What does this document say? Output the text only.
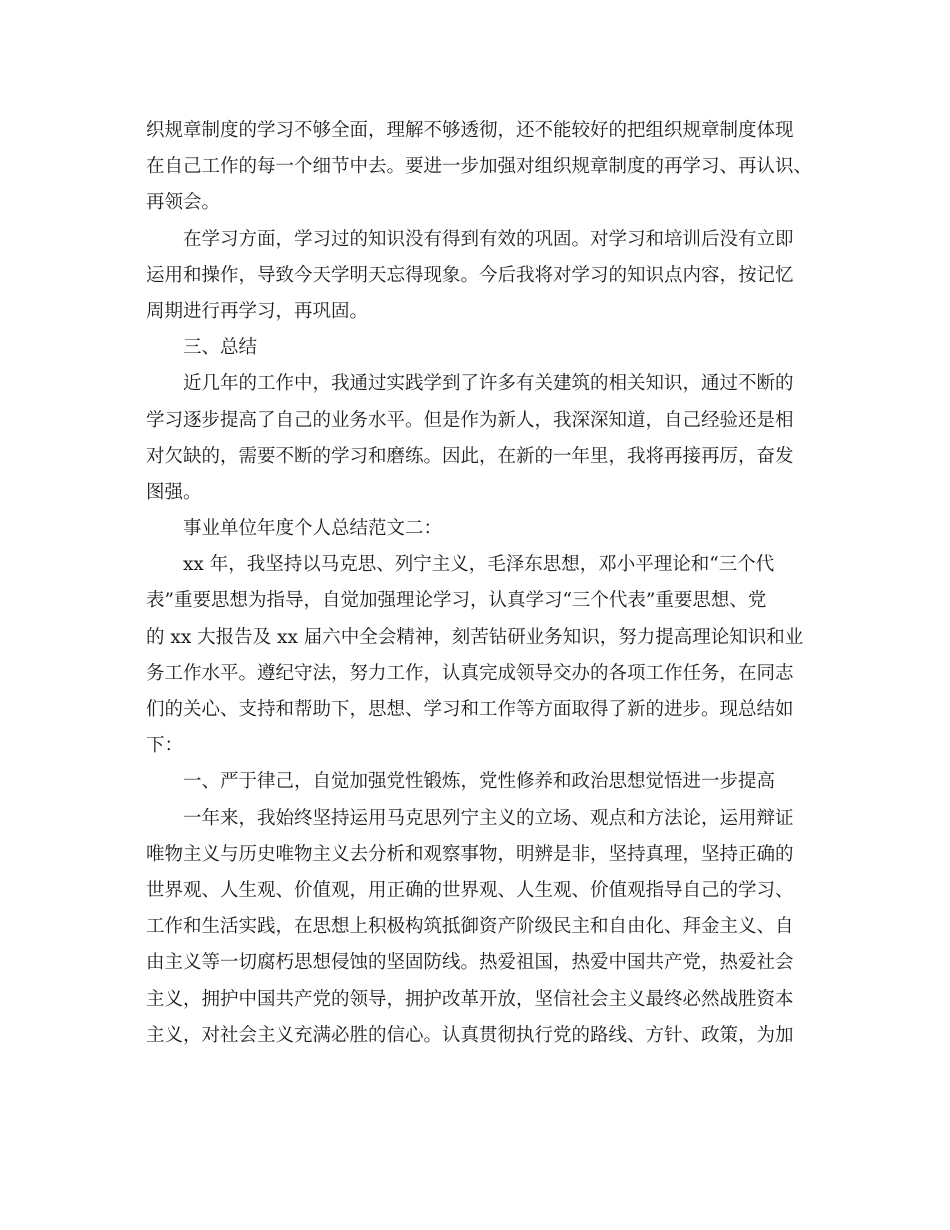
织规章制度的学习不够全面，理解不够透彻，还不能较好的把组织规章制度体现
在自己工作的每一个细节中去。要进一步加强对组织规章制度的再学习、再认识、
再领会。
在学习方面，学习过的知识没有得到有效的巩固。对学习和培训后没有立即
运用和操作，导致今天学明天忘得现象。今后我将对学习的知识点内容，按记忆
周期进行再学习，再巩固。
三、总结
近几年的工作中，我通过实践学到了许多有关建筑的相关知识，通过不断的
学习逐步提高了自己的业务水平。但是作为新人，我深深知道，自己经验还是相
对欠缺的，需要不断的学习和磨练。因此，在新的一年里，我将再接再厉，奋发
图强。
事业单位年度个人总结范文二：
xx 年，我坚持以马克思、列宁主义，毛泽东思想，邓小平理论和“三个代
表”重要思想为指导，自觉加强理论学习，认真学习“三个代表”重要思想、党
的 xx 大报告及 xx 届六中全会精神，刻苦钻研业务知识，努力提高理论知识和业
务工作水平。遵纪守法，努力工作，认真完成领导交办的各项工作任务，在同志
们的关心、支持和帮助下，思想、学习和工作等方面取得了新的进步。现总结如
下：
一、严于律己，自觉加强党性锻炼，党性修养和政治思想觉悟进一步提高
一年来，我始终坚持运用马克思列宁主义的立场、观点和方法论，运用辩证
唯物主义与历史唯物主义去分析和观察事物，明辨是非，坚持真理，坚持正确的
世界观、人生观、价值观，用正确的世界观、人生观、价值观指导自己的学习、
工作和生活实践，在思想上积极构筑抵御资产阶级民主和自由化、拜金主义、自
由主义等一切腐朽思想侵蚀的坚固防线。热爱祖国，热爱中国共产党，热爱社会
主义，拥护中国共产党的领导，拥护改革开放，坚信社会主义最终必然战胜资本
主义，对社会主义充满必胜的信心。认真贯彻执行党的路线、方针、政策，为加
